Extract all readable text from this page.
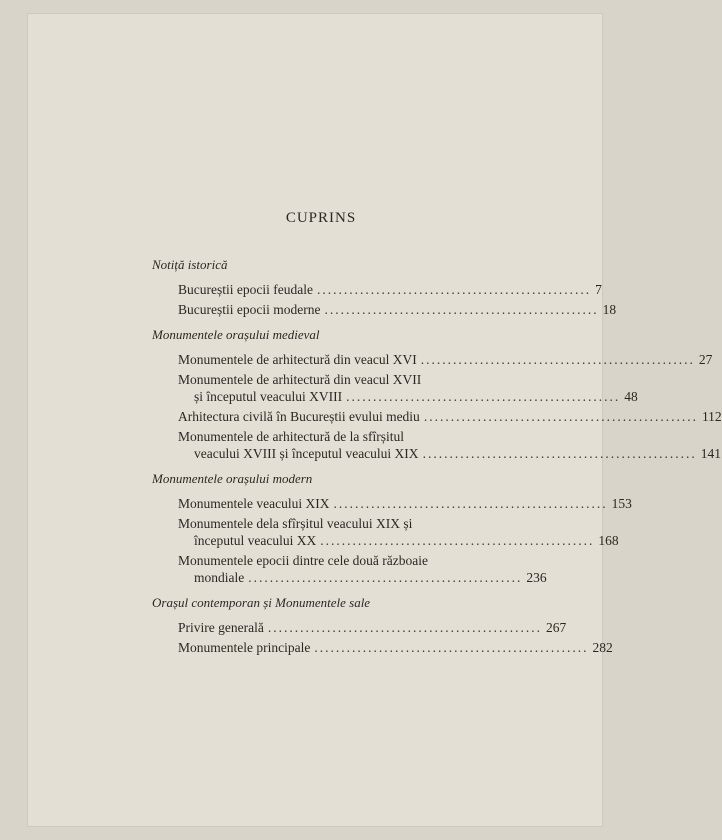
CUPRINS
Notiță istorică
Bucureștii epocii feudale ................................................... 7
Bucureștii epocii moderne ................................................... 18
Monumentele orașului medieval
Monumentele de arhitectură din veacul XVI ................................................... 27
Monumentele de arhitectură din veacul XVII
și începutul veacului XVIII ................................................... 48
Arhitectura civilă în Bucureștii evului mediu ................................................... 112
Monumentele de arhitectură de la sfîrșitul
veacului XVIII și începutul veacului XIX ................................................... 141
Monumentele orașului modern
Monumentele veacului XIX ................................................... 153
Monumentele dela sfîrșitul veacului XIX și
începutul veacului XX ................................................... 168
Monumentele epocii dintre cele două războaie
mondiale ................................................... 236
Orașul contemporan și Monumentele sale
Privire generală ................................................... 267
Monumentele principale ................................................... 282
